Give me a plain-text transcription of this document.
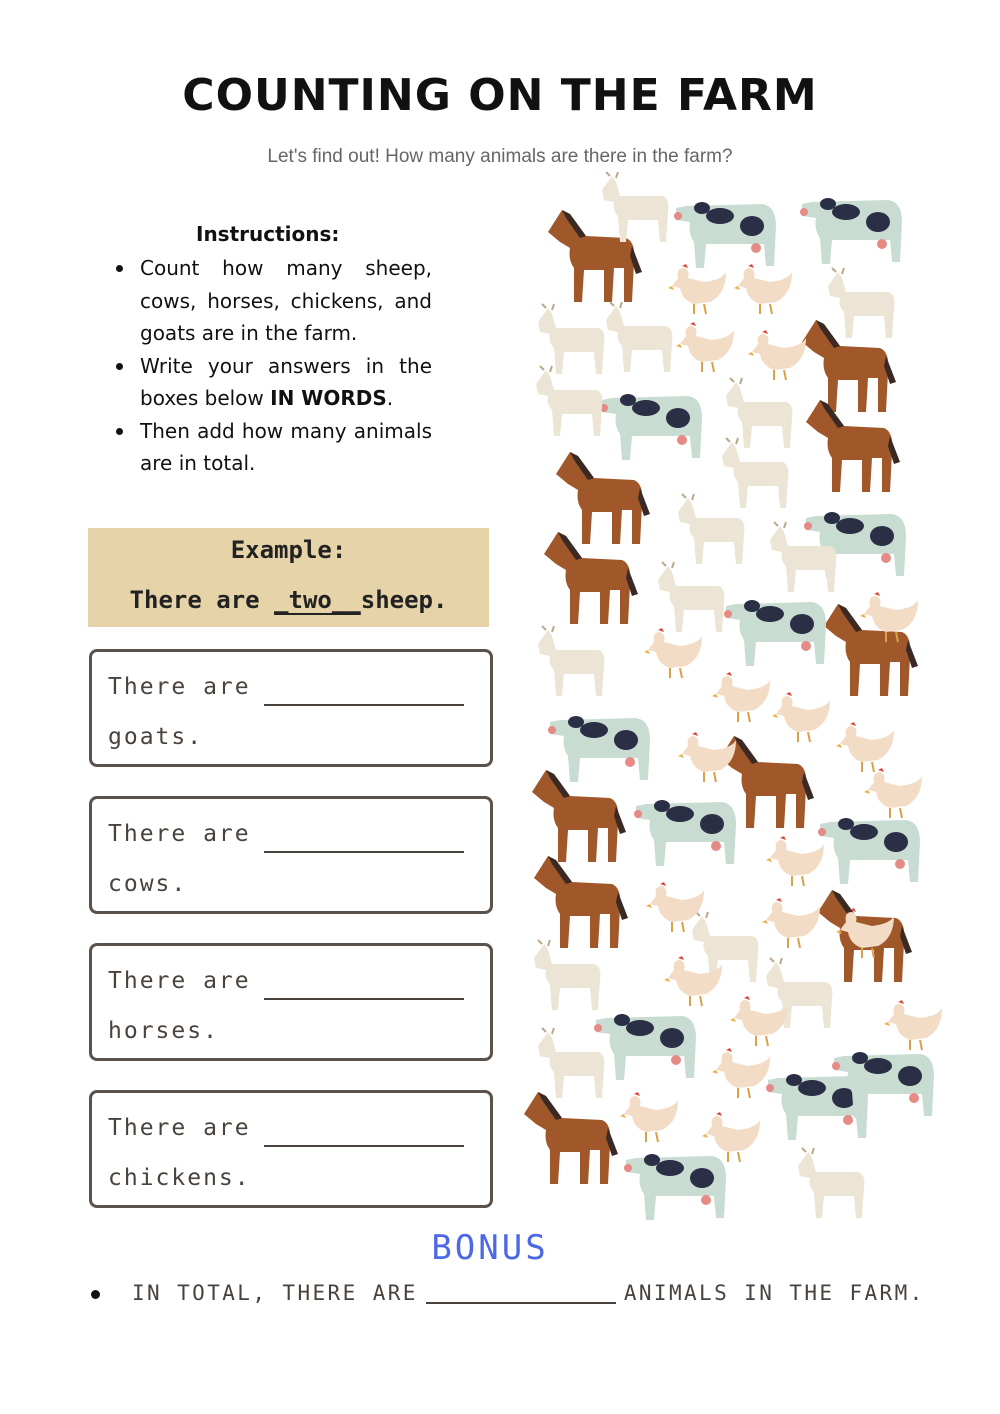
COUNTING ON THE FARM
Let's find out! How many animals are there in the farm?
Instructions:
Count how many sheep, cows, horses, chickens, and goats are in the farm.
Write your answers in the boxes below IN WORDS.
Then add how many animals are in total.
Example:
There are _two__sheep.
There are
goats.
There are
cows.
There are
horses.
There are
chickens.
BONUS
IN TOTAL, THERE ARE	ANIMALS IN THE FARM.
